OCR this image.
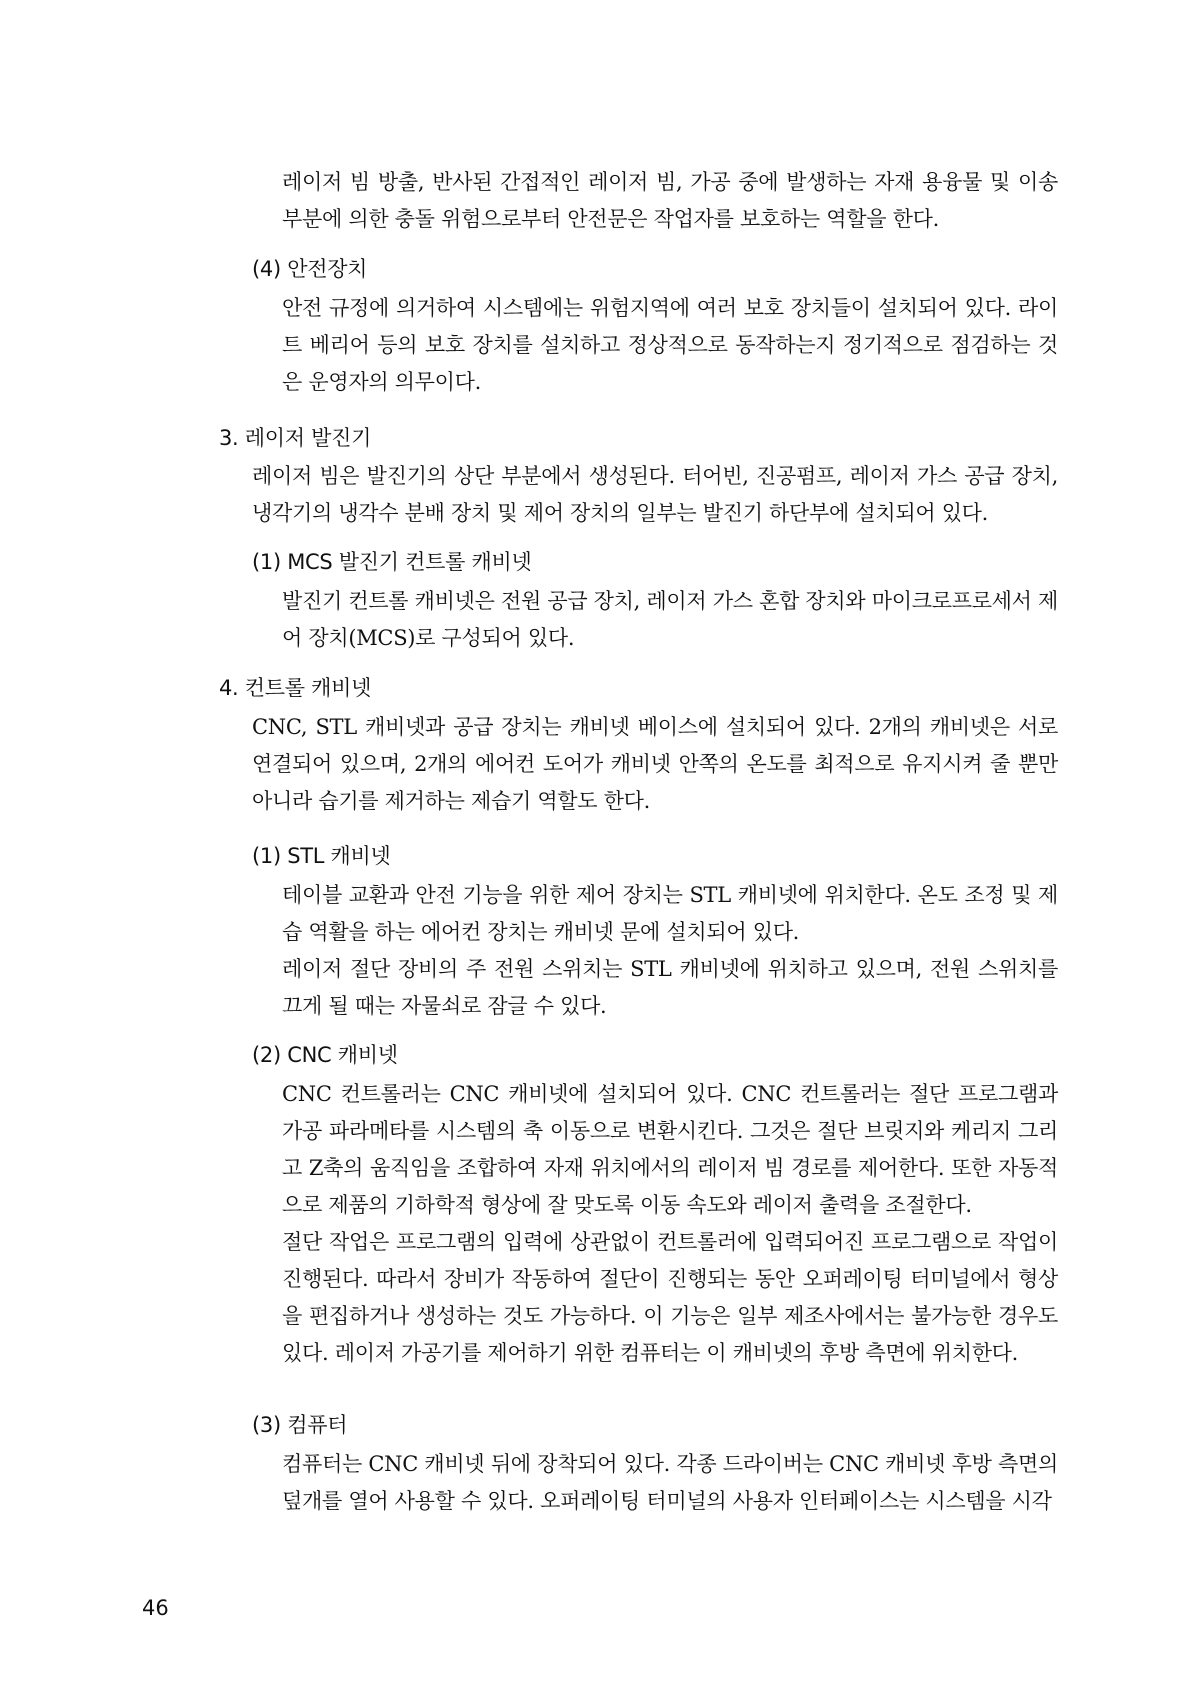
레이저 빔 방출, 반사된 간접적인 레이저 빔, 가공 중에 발생하는 자재 용융물 및 이송 부분에 의한 충돌 위험으로부터 안전문은 작업자를 보호하는 역할을 한다.

(4) 안전장치

안전 규정에 의거하여 시스템에는 위험지역에 여러 보호 장치들이 설치되어 있다. 라이트 베리어 등의 보호 장치를 설치하고 정상적으로 동작하는지 정기적으로 점검하는 것은 운영자의 의무이다.

3. 레이저 발진기

레이저 빔은 발진기의 상단 부분에서 생성된다. 터어빈, 진공펌프, 레이저 가스 공급 장치, 냉각기의 냉각수 분배 장치 및 제어 장치의 일부는 발진기 하단부에 설치되어 있다.

(1) MCS 발진기 컨트롤 캐비넷

발진기 컨트롤 캐비넷은 전원 공급 장치, 레이저 가스 혼합 장치와 마이크로프로세서 제어 장치(MCS)로 구성되어 있다.

4. 컨트롤 캐비넷

CNC, STL 캐비넷과 공급 장치는 캐비넷 베이스에 설치되어 있다. 2개의 캐비넷은 서로 연결되어 있으며, 2개의 에어컨 도어가 캐비넷 안쪽의 온도를 최적으로 유지시켜 줄 뿐만 아니라 습기를 제거하는 제습기 역할도 한다.

(1) STL 캐비넷

테이블 교환과 안전 기능을 위한 제어 장치는 STL 캐비넷에 위치한다. 온도 조정 및 제습 역활을 하는 에어컨 장치는 캐비넷 문에 설치되어 있다.

레이저 절단 장비의 주 전원 스위치는 STL 캐비넷에 위치하고 있으며, 전원 스위치를 끄게 될 때는 자물쇠로 잠글 수 있다.

(2) CNC 캐비넷

CNC 컨트롤러는 CNC 캐비넷에 설치되어 있다. CNC 컨트롤러는 절단 프로그램과 가공 파라메타를 시스템의 축 이동으로 변환시킨다. 그것은 절단 브릿지와 케리지 그리고 Z축의 움직임을 조합하여 자재 위치에서의 레이저 빔 경로를 제어한다. 또한 자동적으로 제품의 기하학적 형상에 잘 맞도록 이동 속도와 레이저 출력을 조절한다.

절단 작업은 프로그램의 입력에 상관없이 컨트롤러에 입력되어진 프로그램으로 작업이 진행된다. 따라서 장비가 작동하여 절단이 진행되는 동안 오퍼레이팅 터미널에서 형상을 편집하거나 생성하는 것도 가능하다. 이 기능은 일부 제조사에서는 불가능한 경우도 있다. 레이저 가공기를 제어하기 위한 컴퓨터는 이 캐비넷의 후방 측면에 위치한다.

(3) 컴퓨터

컴퓨터는 CNC 캐비넷 뒤에 장착되어 있다. 각종 드라이버는 CNC 캐비넷 후방 측면의 덮개를 열어 사용할 수 있다. 오퍼레이팅 터미널의 사용자 인터페이스는 시스템을 시각

46
